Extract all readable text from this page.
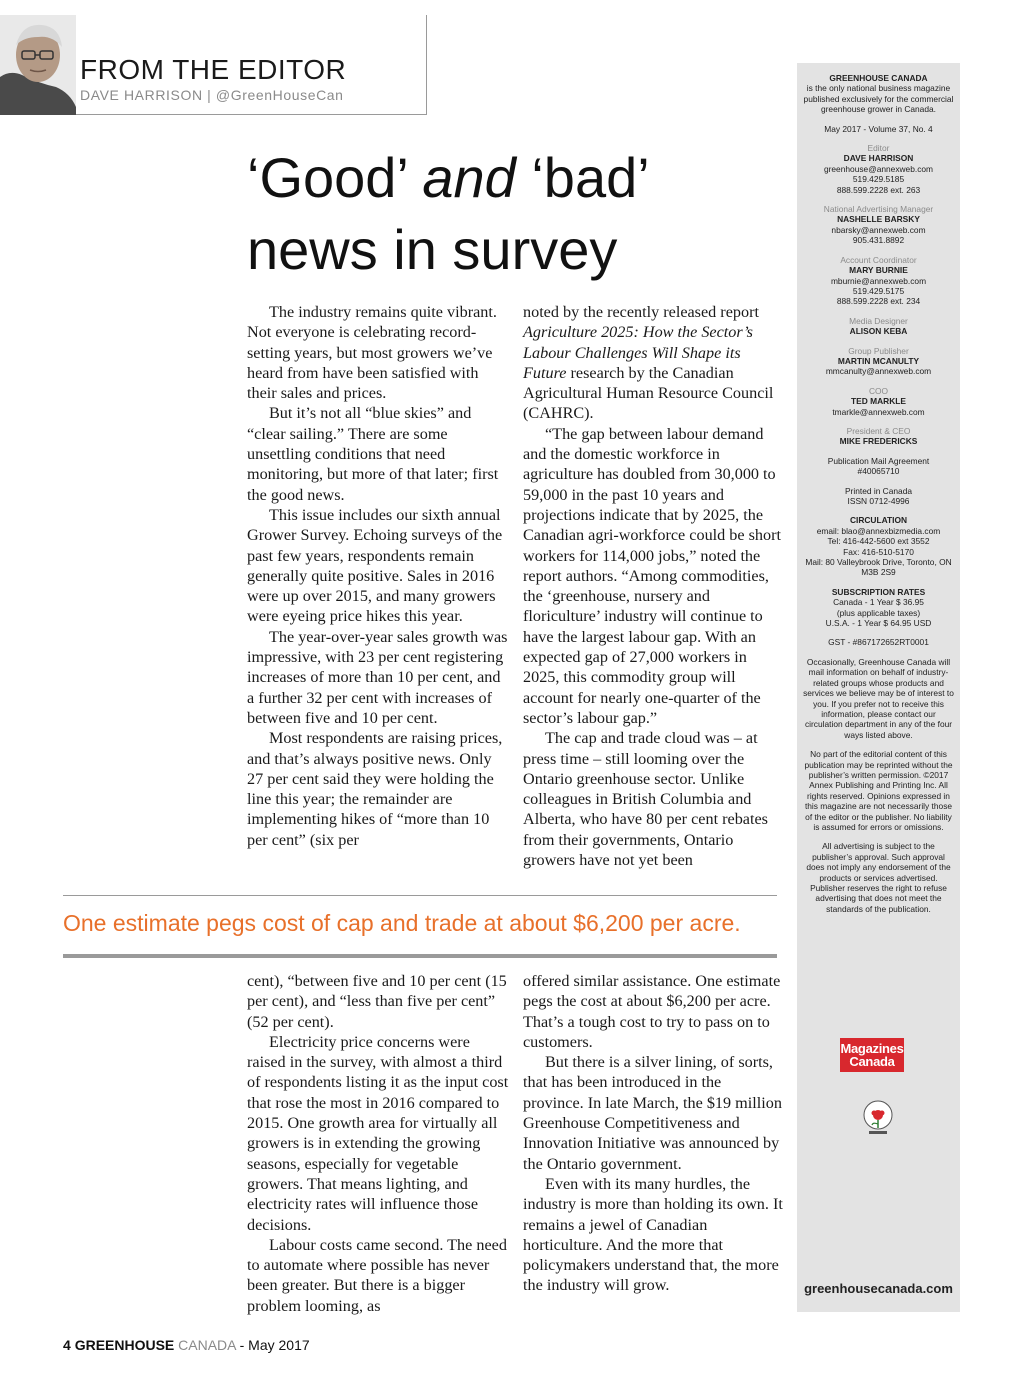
FROM THE EDITOR
DAVE HARRISON | @GreenHouseCan
‘Good’ and ‘bad’
news in survey

The industry remains quite vibrant. Not everyone is celebrating record-setting years, but most growers we’ve heard from have been satisfied with their sales and prices.

But it’s not all “blue skies” and “clear sailing.” There are some unsettling conditions that need monitoring, but more of that later; first the good news.

This issue includes our sixth annual Grower Survey. Echoing surveys of the past few years, respondents remain generally quite positive. Sales in 2016 were up over 2015, and many growers were eyeing price hikes this year.

The year-over-year sales growth was impressive, with 23 per cent registering increases of more than 10 per cent, and a further 32 per cent with increases of between five and 10 per cent.

Most respondents are raising prices, and that’s always positive news. Only 27 per cent said they were holding the line this year; the remainder are implementing hikes of “more than 10 per cent” (six per

noted by the recently released report Agriculture 2025: How the Sector’s Labour Challenges Will Shape its Future research by the Canadian Agricultural Human Resource Council (CAHRC).

“The gap between labour demand and the domestic workforce in agriculture has doubled from 30,000 to 59,000 in the past 10 years and projections indicate that by 2025, the Canadian agri-workforce could be short workers for 114,000 jobs,” noted the report authors. “Among commodities, the ‘greenhouse, nursery and floriculture’ industry will continue to have the largest labour gap. With an expected gap of 27,000 workers in 2025, this commodity group will account for nearly one-quarter of the sector’s labour gap.”

The cap and trade cloud was – at press time – still looming over the Ontario greenhouse sector. Unlike colleagues in British Columbia and Alberta, who have 80 per cent rebates from their governments, Ontario growers have not yet been

One estimate pegs cost of cap and trade at about $6,200 per acre.

cent), “between five and 10 per cent (15 per cent), and “less than five per cent” (52 per cent).

Electricity price concerns were raised in the survey, with almost a third of respondents listing it as the input cost that rose the most in 2016 compared to 2015. One growth area for virtually all growers is in extending the growing seasons, especially for vegetable growers. That means lighting, and electricity rates will influence those decisions.

Labour costs came second. The need to automate where possible has never been greater. But there is a bigger problem looming, as

offered similar assistance. One estimate pegs the cost at about $6,200 per acre. That’s a tough cost to try to pass on to customers.

But there is a silver lining, of sorts, that has been introduced in the province. In late March, the $19 million Greenhouse Competitiveness and Innovation Initiative was announced by the Ontario government.

Even with its many hurdles, the industry is more than holding its own. It remains a jewel of Canadian horticulture. And the more that policymakers understand that, the more the industry will grow.

GREENHOUSE CANADA
is the only national business magazine published exclusively for the commercial greenhouse grower in Canada.
May 2017 - Volume 37, No. 4
Editor
DAVE HARRISON
greenhouse@annexweb.com
519.429.5185
888.599.2228 ext. 263
National Advertising Manager
NASHELLE BARSKY
nbarsky@annexweb.com
905.431.8892
Account Coordinator
MARY BURNIE
mburnie@annexweb.com
519.429.5175
888.599.2228 ext. 234
Media Designer
ALISON KEBA
Group Publisher
MARTIN MCANULTY
mmcanulty@annexweb.com
COO
TED MARKLE
tmarkle@annexweb.com
President & CEO
MIKE FREDERICKS
Publication Mail Agreement
#40065710
Printed in Canada
ISSN 0712-4996
CIRCULATION
email: blao@annexbizmedia.com
Tel: 416-442-5600 ext 3552
Fax: 416-510-5170
Mail: 80 Valleybrook Drive, Toronto, ON M3B 2S9
SUBSCRIPTION RATES
Canada - 1 Year $ 36.95
(plus applicable taxes)
U.S.A. - 1 Year $ 64.95 USD
GST - #867172652RT0001
Occasionally, Greenhouse Canada will mail information on behalf of industry-related groups whose products and services we believe may be of interest to you. If you prefer not to receive this information, please contact our circulation department in any of the four ways listed above.
No part of the editorial content of this publication may be reprinted without the publisher’s written permission. ©2017 Annex Publishing and Printing Inc. All rights reserved. Opinions expressed in this magazine are not necessarily those of the editor or the publisher. No liability is assumed for errors or omissions.
All advertising is subject to the publisher’s approval. Such approval does not imply any endorsement of the products or services advertised. Publisher reserves the right to refuse advertising that does not meet the standards of the publication.
Magazines
Canada
greenhousecanada.com
4 GREENHOUSE CANADA - May 2017
